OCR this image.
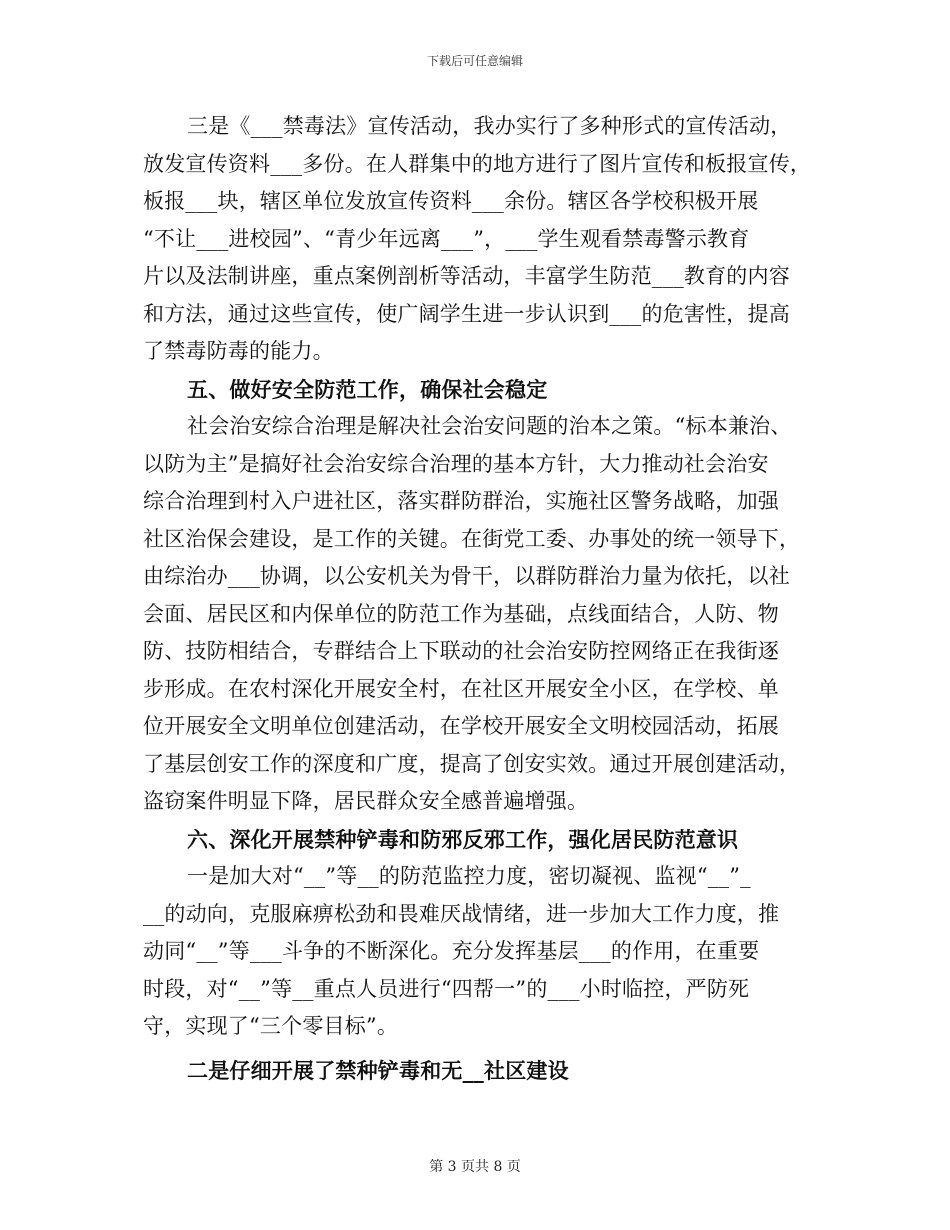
下载后可任意编辑
三是《___禁毒法》宣传活动，我办实行了多种形式的宣传活动，
放发宣传资料___多份。在人群集中的地方进行了图片宣传和板报宣传，
板报___块，辖区单位发放宣传资料___余份。辖区各学校积极开展
“不让___进校园”、“青少年远离___”，___学生观看禁毒警示教育
片以及法制讲座，重点案例剖析等活动，丰富学生防范___教育的内容
和方法，通过这些宣传，使广阔学生进一步认识到___的危害性，提高
了禁毒防毒的能力。
五、做好安全防范工作，确保社会稳定
社会治安综合治理是解决社会治安问题的治本之策。“标本兼治、
以防为主”是搞好社会治安综合治理的基本方针，大力推动社会治安
综合治理到村入户进社区，落实群防群治，实施社区警务战略，加强
社区治保会建设，是工作的关键。在街党工委、办事处的统一领导下，
由综治办___协调，以公安机关为骨干，以群防群治力量为依托，以社
会面、居民区和内保单位的防范工作为基础，点线面结合，人防、物
防、技防相结合，专群结合上下联动的社会治安防控网络正在我街逐
步形成。在农村深化开展安全村，在社区开展安全小区，在学校、单
位开展安全文明单位创建活动，在学校开展安全文明校园活动，拓展
了基层创安工作的深度和广度，提高了创安实效。通过开展创建活动，
盗窃案件明显下降，居民群众安全感普遍增强。
六、深化开展禁种铲毒和防邪反邪工作，强化居民防范意识
一是加大对“__”等__的防范监控力度，密切凝视、监视“__”_
__的动向，克服麻痹松劲和畏难厌战情绪，进一步加大工作力度，推
动同“__”等___斗争的不断深化。充分发挥基层___的作用，在重要
时段，对“__”等__重点人员进行“四帮一”的___小时临控，严防死
守，实现了“三个零目标”。
二是仔细开展了禁种铲毒和无__社区建设
第 3 页共 8 页
